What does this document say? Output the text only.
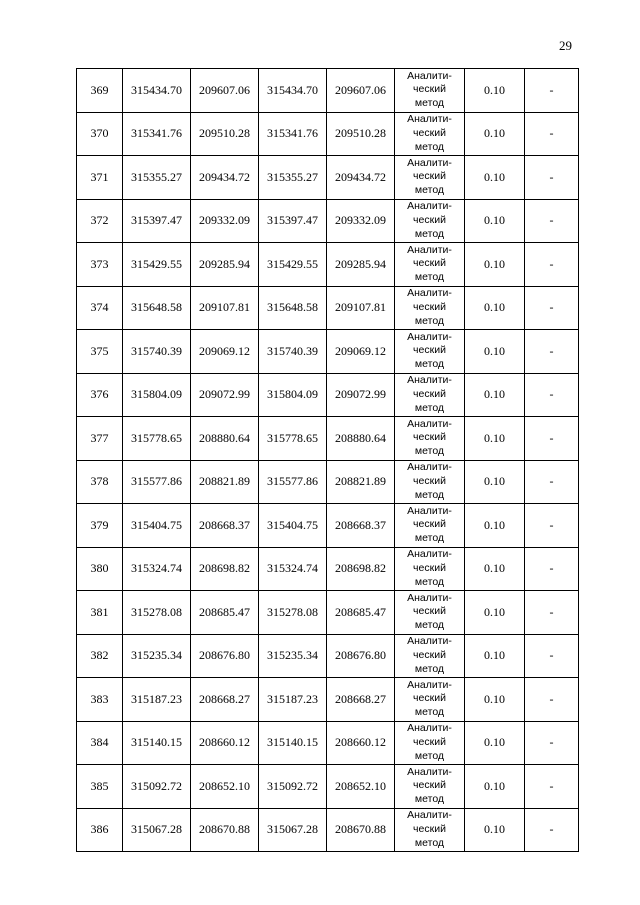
29
369	315434.70	209607.06	315434.70	209607.06	Аналити-
ческий
метод	0.10	-
370	315341.76	209510.28	315341.76	209510.28	Аналити-
ческий
метод	0.10	-
371	315355.27	209434.72	315355.27	209434.72	Аналити-
ческий
метод	0.10	-
372	315397.47	209332.09	315397.47	209332.09	Аналити-
ческий
метод	0.10	-
373	315429.55	209285.94	315429.55	209285.94	Аналити-
ческий
метод	0.10	-
374	315648.58	209107.81	315648.58	209107.81	Аналити-
ческий
метод	0.10	-
375	315740.39	209069.12	315740.39	209069.12	Аналити-
ческий
метод	0.10	-
376	315804.09	209072.99	315804.09	209072.99	Аналити-
ческий
метод	0.10	-
377	315778.65	208880.64	315778.65	208880.64	Аналити-
ческий
метод	0.10	-
378	315577.86	208821.89	315577.86	208821.89	Аналити-
ческий
метод	0.10	-
379	315404.75	208668.37	315404.75	208668.37	Аналити-
ческий
метод	0.10	-
380	315324.74	208698.82	315324.74	208698.82	Аналити-
ческий
метод	0.10	-
381	315278.08	208685.47	315278.08	208685.47	Аналити-
ческий
метод	0.10	-
382	315235.34	208676.80	315235.34	208676.80	Аналити-
ческий
метод	0.10	-
383	315187.23	208668.27	315187.23	208668.27	Аналити-
ческий
метод	0.10	-
384	315140.15	208660.12	315140.15	208660.12	Аналити-
ческий
метод	0.10	-
385	315092.72	208652.10	315092.72	208652.10	Аналити-
ческий
метод	0.10	-
386	315067.28	208670.88	315067.28	208670.88	Аналити-
ческий
метод	0.10	-
